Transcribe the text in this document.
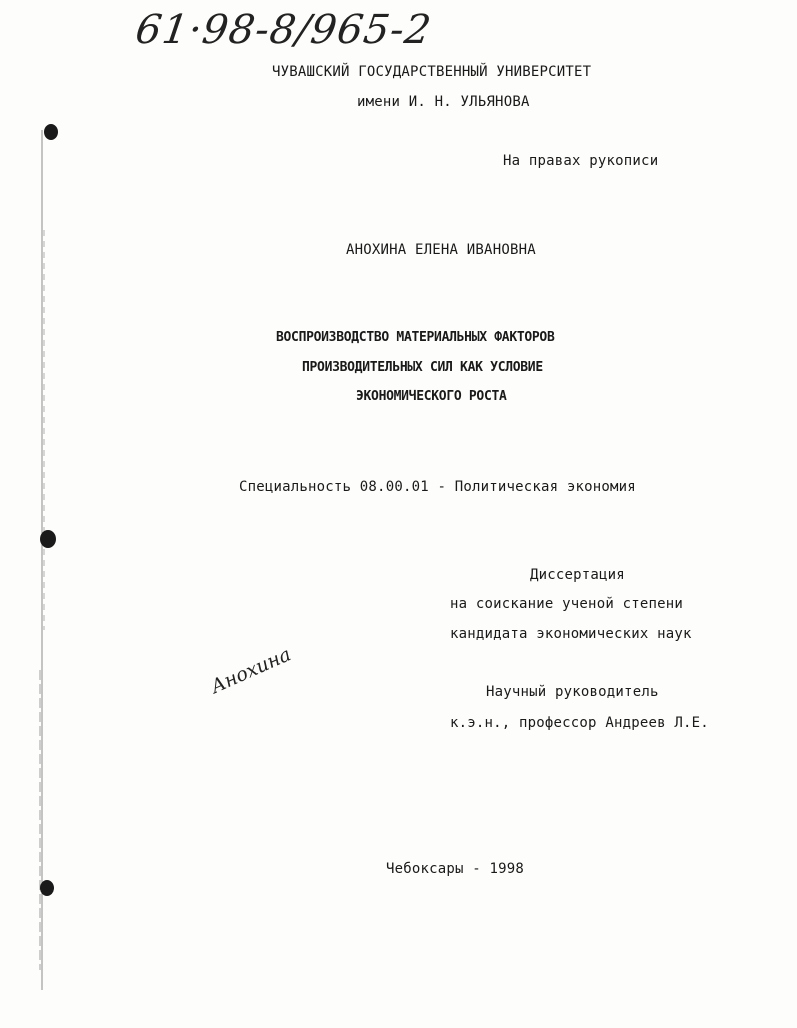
61·98-8/965-2
ЧУВАШСКИЙ ГОСУДАРСТВЕННЫЙ УНИВЕРСИТЕТ
имени И. Н. УЛЬЯНОВА
На правах рукописи
АНОХИНА ЕЛЕНА ИВАНОВНА
ВОСПРОИЗВОДСТВО МАТЕРИАЛЬНЫХ ФАКТОРОВ
ПРОИЗВОДИТЕЛЬНЫХ СИЛ КАК УСЛОВИЕ
ЭКОНОМИЧЕСКОГО РОСТА
Специальность 08.00.01 - Политическая экономия
Диссертация
на соискание ученой степени
кандидата экономических наук
Научный руководитель
к.э.н., профессор Андреев Л.Е.
Анохина
Чебоксары - 1998
